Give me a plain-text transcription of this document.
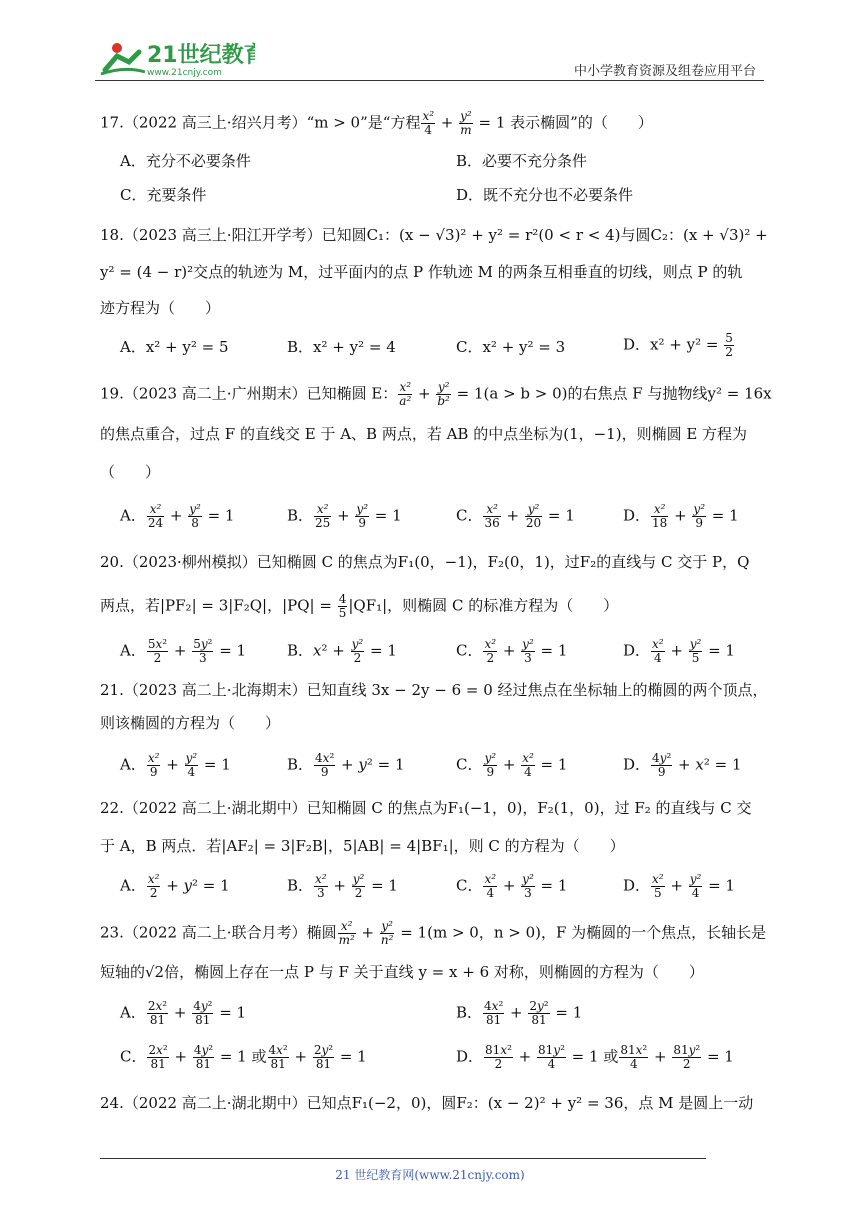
21世纪教育
www.21cnjy.com	中小学教育资源及组卷应用平台
17.（2022 高三上·绍兴月考）“m > 0”是“方程 $\frac{\text{x²}}{4} + \frac{\text{y²}}{m} = 1$ 表示椭圆”的（　　）
A．充分不必要条件	B．必要不充分条件
C．充要条件	D．既不充分也不必要条件
18.（2023 高三上·阳江开学考）已知圆C₁：(x − √3)² + y² = r²(0 < r < 4)与圆C₂：(x + √3)² +
y² = (4 − r)²交点的轨迹为 M，过平面内的点 P 作轨迹 M 的两条互相垂直的切线，则点 P 的轨
迹方程为（　　）
A．x² + y² = 5	B．x² + y² = 4	C．x² + y² = 3	D．$x^2 + y^2 = \frac{5}{2}$
19.（2023 高二上·广州期末）已知椭圆 E： $\frac{\text{x²}}{\text{a²}} + \frac{\text{y²}}{\text{b²}} = 1(a > b > 0)$的右焦点 F 与抛物线y² = 16x
的焦点重合，过点 F 的直线交 E 于 A、B 两点，若 AB 的中点坐标为(1，−1)，则椭圆 E 方程为
（　　）
A． $\frac{\text{x²}}{24} + \frac{\text{y²}}{8} = 1$	B． $\frac{\text{x²}}{25} + \frac{\text{y²}}{9} = 1$	C． $\frac{\text{x²}}{36} + \frac{\text{y²}}{20} = 1$	D． $\frac{\text{x²}}{18} + \frac{\text{y²}}{9} = 1$
20.（2023·柳州模拟）已知椭圆 C 的焦点为F₁(0，−1)，F₂(0，1)，过F₂的直线与 C 交于 P，Q
两点，若|PF₂| = 3|F₂Q|，$|PQ| = \frac{4}{5} |QF_1|$，则椭圆 C 的标准方程为（　　）
A． $\frac{\text{5x²}}{2} + \frac{\text{5y²}}{3} = 1$	B．$x^2 + \frac{\text{y²}}{2} = 1$	C． $\frac{\text{x²}}{2} + \frac{\text{y²}}{3} = 1$	D． $\frac{\text{x²}}{4} + \frac{\text{y²}}{5} = 1$
21.（2023 高二上·北海期末）已知直线 3x − 2y − 6 = 0 经过焦点在坐标轴上的椭圆的两个顶点，
则该椭圆的方程为（　　）
A． $\frac{\text{x²}}{9} + \frac{\text{y²}}{4} = 1$	B． $\frac{\text{4x²}}{9} + y^2 = 1$	C． $\frac{\text{y²}}{9} + \frac{\text{x²}}{4} = 1$	D． $\frac{\text{4y²}}{9} + x^2 = 1$
22.（2022 高二上·湖北期中）已知椭圆 C 的焦点为F₁(−1，0)，F₂(1，0)，过 F₂ 的直线与 C 交
于 A，B 两点．若|AF₂| = 3|F₂B|，5|AB| = 4|BF₁|，则 C 的方程为（　　）
A． $\frac{\text{x²}}{2} + y^2 = 1$	B． $\frac{\text{x²}}{3} + \frac{\text{y²}}{2} = 1$	C． $\frac{\text{x²}}{4} + \frac{\text{y²}}{3} = 1$	D． $\frac{\text{x²}}{5} + \frac{\text{y²}}{4} = 1$
23.（2022 高二上·联合月考）椭圆 $\frac{\text{x²}}{\text{m²}} + \frac{\text{y²}}{\text{n²}} = 1(m > 0$，n > 0)，F 为椭圆的一个焦点，长轴长是
短轴的√2倍，椭圆上存在一点 P 与 F 关于直线 y = x + 6 对称，则椭圆的方程为（　　）
A． $\frac{\text{2x²}}{81} + \frac{\text{4y²}}{81} = 1$	B． $\frac{\text{4x²}}{81} + \frac{\text{2y²}}{81} = 1$
C． $\frac{\text{2x²}}{81} + \frac{\text{4y²}}{81} = 1$ 或 $\frac{\text{4x²}}{81} + \frac{\text{2y²}}{81} = 1$	D． $\frac{\text{81x²}}{2} + \frac{\text{81y²}}{4} = 1$ 或 $\frac{\text{81x²}}{4} + \frac{\text{81y²}}{2} = 1$
24.（2022 高二上·湖北期中）已知点F₁(−2，0)，圆F₂：(x − 2)² + y² = 36，点 M 是圆上一动
21 世纪教育网(www.21cnjy.com)
